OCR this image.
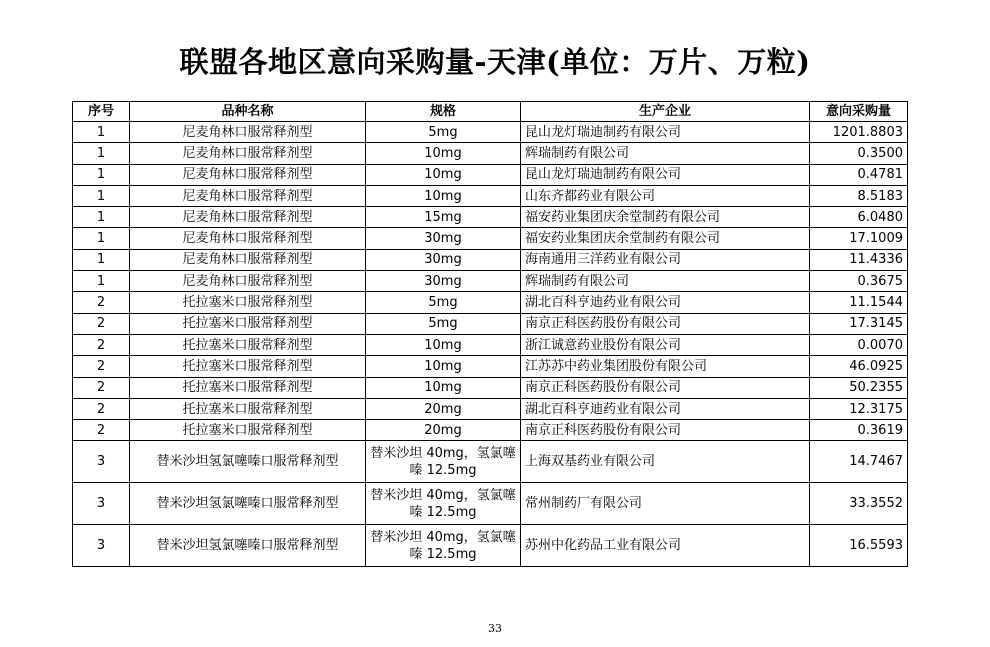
联盟各地区意向采购量-天津(单位：万片、万粒)
序号	品种名称	规格	生产企业	意向采购量
1	尼麦角林口服常释剂型	5mg	昆山龙灯瑞迪制药有限公司	1201.8803
1	尼麦角林口服常释剂型	10mg	辉瑞制药有限公司	0.3500
1	尼麦角林口服常释剂型	10mg	昆山龙灯瑞迪制药有限公司	0.4781
1	尼麦角林口服常释剂型	10mg	山东齐都药业有限公司	8.5183
1	尼麦角林口服常释剂型	15mg	福安药业集团庆余堂制药有限公司	6.0480
1	尼麦角林口服常释剂型	30mg	福安药业集团庆余堂制药有限公司	17.1009
1	尼麦角林口服常释剂型	30mg	海南通用三洋药业有限公司	11.4336
1	尼麦角林口服常释剂型	30mg	辉瑞制药有限公司	0.3675
2	托拉塞米口服常释剂型	5mg	湖北百科亨迪药业有限公司	11.1544
2	托拉塞米口服常释剂型	5mg	南京正科医药股份有限公司	17.3145
2	托拉塞米口服常释剂型	10mg	浙江诚意药业股份有限公司	0.0070
2	托拉塞米口服常释剂型	10mg	江苏苏中药业集团股份有限公司	46.0925
2	托拉塞米口服常释剂型	10mg	南京正科医药股份有限公司	50.2355
2	托拉塞米口服常释剂型	20mg	湖北百科亨迪药业有限公司	12.3175
2	托拉塞米口服常释剂型	20mg	南京正科医药股份有限公司	0.3619
3	替米沙坦氢氯噻嗪口服常释剂型	替米沙坦 40mg，氢氯噻嗪 12.5mg	上海双基药业有限公司	14.7467
3	替米沙坦氢氯噻嗪口服常释剂型	替米沙坦 40mg，氢氯噻嗪 12.5mg	常州制药厂有限公司	33.3552
3	替米沙坦氢氯噻嗪口服常释剂型	替米沙坦 40mg，氢氯噻嗪 12.5mg	苏州中化药品工业有限公司	16.5593
33
